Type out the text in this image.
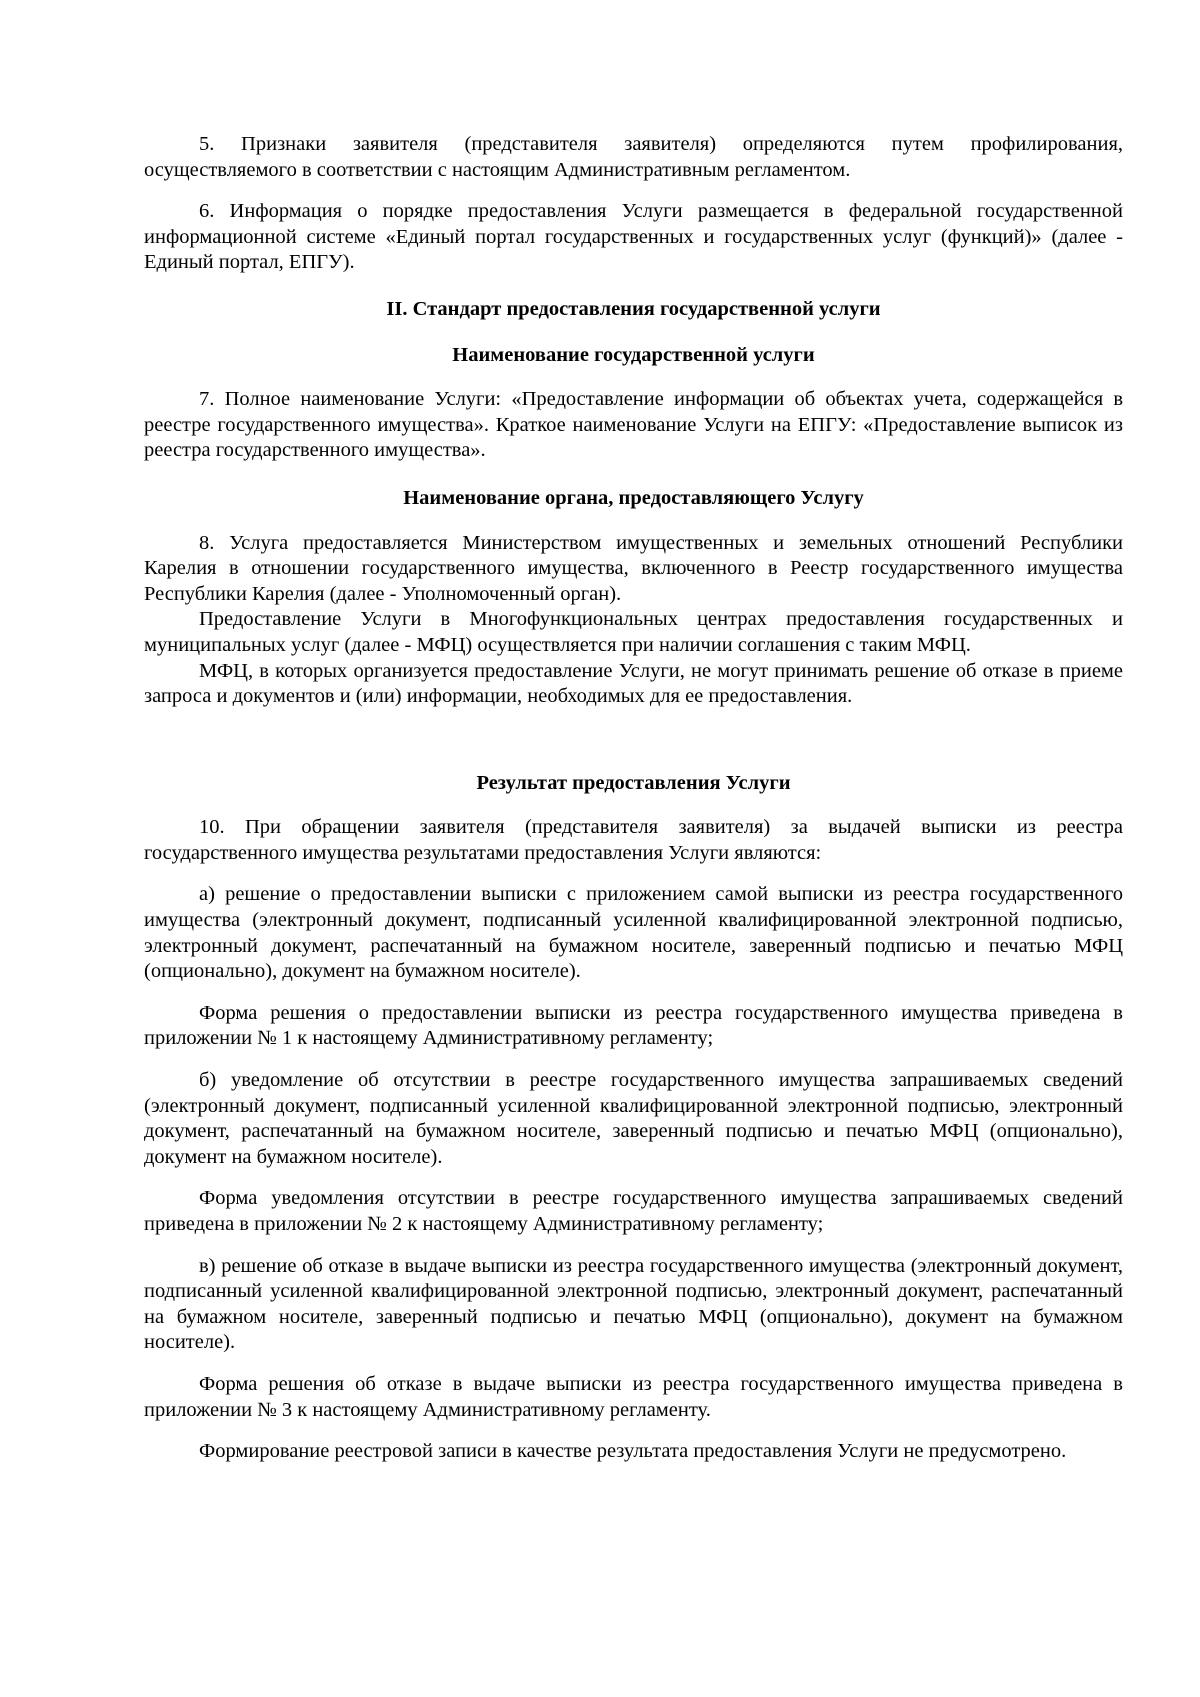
5. Признаки заявителя (представителя заявителя) определяются путем профилирования, осуществляемого в соответствии с настоящим Административным регламентом.

6. Информация о порядке предоставления Услуги размещается в федеральной государственной информационной системе «Единый портал государственных и государственных услуг (функций)» (далее - Единый портал, ЕПГУ).

II. Стандарт предоставления государственной услуги

Наименование государственной услуги

7. Полное наименование Услуги: «Предоставление информации об объектах учета, содержащейся в реестре государственного имущества». Краткое наименование Услуги на ЕПГУ: «Предоставление выписок из реестра государственного имущества».

Наименование органа, предоставляющего Услугу

8. Услуга предоставляется Министерством имущественных и земельных отношений Республики Карелия в отношении государственного имущества, включенного в Реестр государственного имущества Республики Карелия (далее - Уполномоченный орган).

Предоставление Услуги в Многофункциональных центрах предоставления государственных и муниципальных услуг (далее - МФЦ) осуществляется при наличии соглашения с таким МФЦ.

МФЦ, в которых организуется предоставление Услуги, не могут принимать решение об отказе в приеме запроса и документов и (или) информации, необходимых для ее предоставления.

Результат предоставления Услуги

10. При обращении заявителя (представителя заявителя) за выдачей выписки из реестра государственного имущества результатами предоставления Услуги являются:

а) решение о предоставлении выписки с приложением самой выписки из реестра государственного имущества (электронный документ, подписанный усиленной квалифицированной электронной подписью, электронный документ, распечатанный на бумажном носителе, заверенный подписью и печатью МФЦ (опционально), документ на бумажном носителе).

Форма решения о предоставлении выписки из реестра государственного имущества приведена в приложении № 1 к настоящему Административному регламенту;

б) уведомление об отсутствии в реестре государственного имущества запрашиваемых сведений (электронный документ, подписанный усиленной квалифицированной электронной подписью, электронный документ, распечатанный на бумажном носителе, заверенный подписью и печатью МФЦ (опционально), документ на бумажном носителе).

Форма уведомления отсутствии в реестре государственного имущества запрашиваемых сведений приведена в приложении № 2 к настоящему Административному регламенту;

в) решение об отказе в выдаче выписки из реестра государственного имущества (электронный документ, подписанный усиленной квалифицированной электронной подписью, электронный документ, распечатанный на бумажном носителе, заверенный подписью и печатью МФЦ (опционально), документ на бумажном носителе).

Форма решения об отказе в выдаче выписки из реестра государственного имущества приведена в приложении № 3 к настоящему Административному регламенту.

Формирование реестровой записи в качестве результата предоставления Услуги не предусмотрено.
